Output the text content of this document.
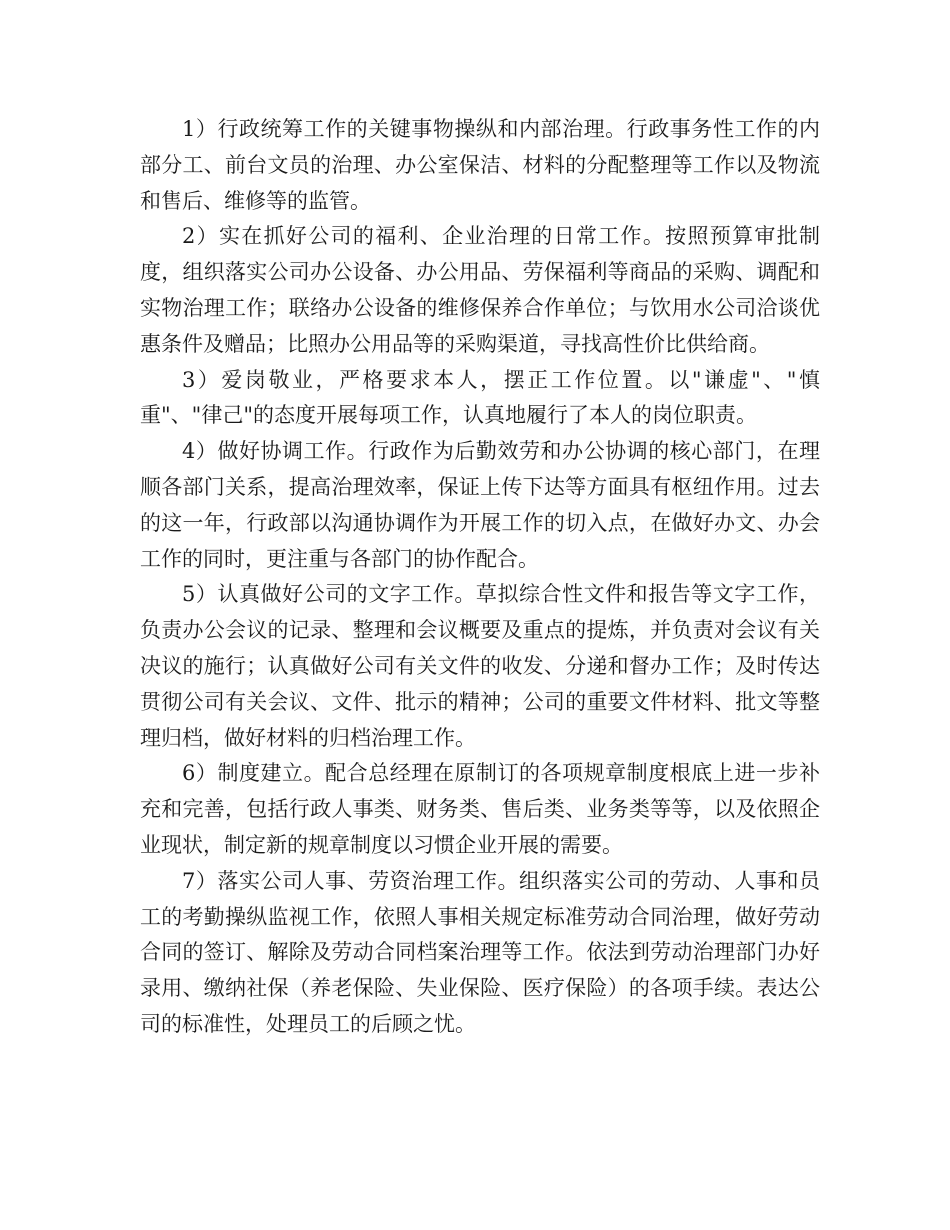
1）行政统筹工作的关键事物操纵和内部治理。行政事务性工作的内部分工、前台文员的治理、办公室保洁、材料的分配整理等工作以及物流和售后、维修等的监管。

2）实在抓好公司的福利、企业治理的日常工作。按照预算审批制度，组织落实公司办公设备、办公用品、劳保福利等商品的采购、调配和实物治理工作；联络办公设备的维修保养合作单位；与饮用水公司洽谈优惠条件及赠品；比照办公用品等的采购渠道，寻找高性价比供给商。

3）爱岗敬业，严格要求本人，摆正工作位置。以"谦虚"、"慎重"、"律己"的态度开展每项工作，认真地履行了本人的岗位职责。

4）做好协调工作。行政作为后勤效劳和办公协调的核心部门，在理顺各部门关系，提高治理效率，保证上传下达等方面具有枢纽作用。过去的这一年，行政部以沟通协调作为开展工作的切入点，在做好办文、办会工作的同时，更注重与各部门的协作配合。

5）认真做好公司的文字工作。草拟综合性文件和报告等文字工作，负责办公会议的记录、整理和会议概要及重点的提炼，并负责对会议有关决议的施行；认真做好公司有关文件的收发、分递和督办工作；及时传达贯彻公司有关会议、文件、批示的精神；公司的重要文件材料、批文等整理归档，做好材料的归档治理工作。

6）制度建立。配合总经理在原制订的各项规章制度根底上进一步补充和完善，包括行政人事类、财务类、售后类、业务类等等，以及依照企业现状，制定新的规章制度以习惯企业开展的需要。

7）落实公司人事、劳资治理工作。组织落实公司的劳动、人事和员工的考勤操纵监视工作，依照人事相关规定标准劳动合同治理，做好劳动合同的签订、解除及劳动合同档案治理等工作。依法到劳动治理部门办好录用、缴纳社保（养老保险、失业保险、医疗保险）的各项手续。表达公司的标准性，处理员工的后顾之忧。
